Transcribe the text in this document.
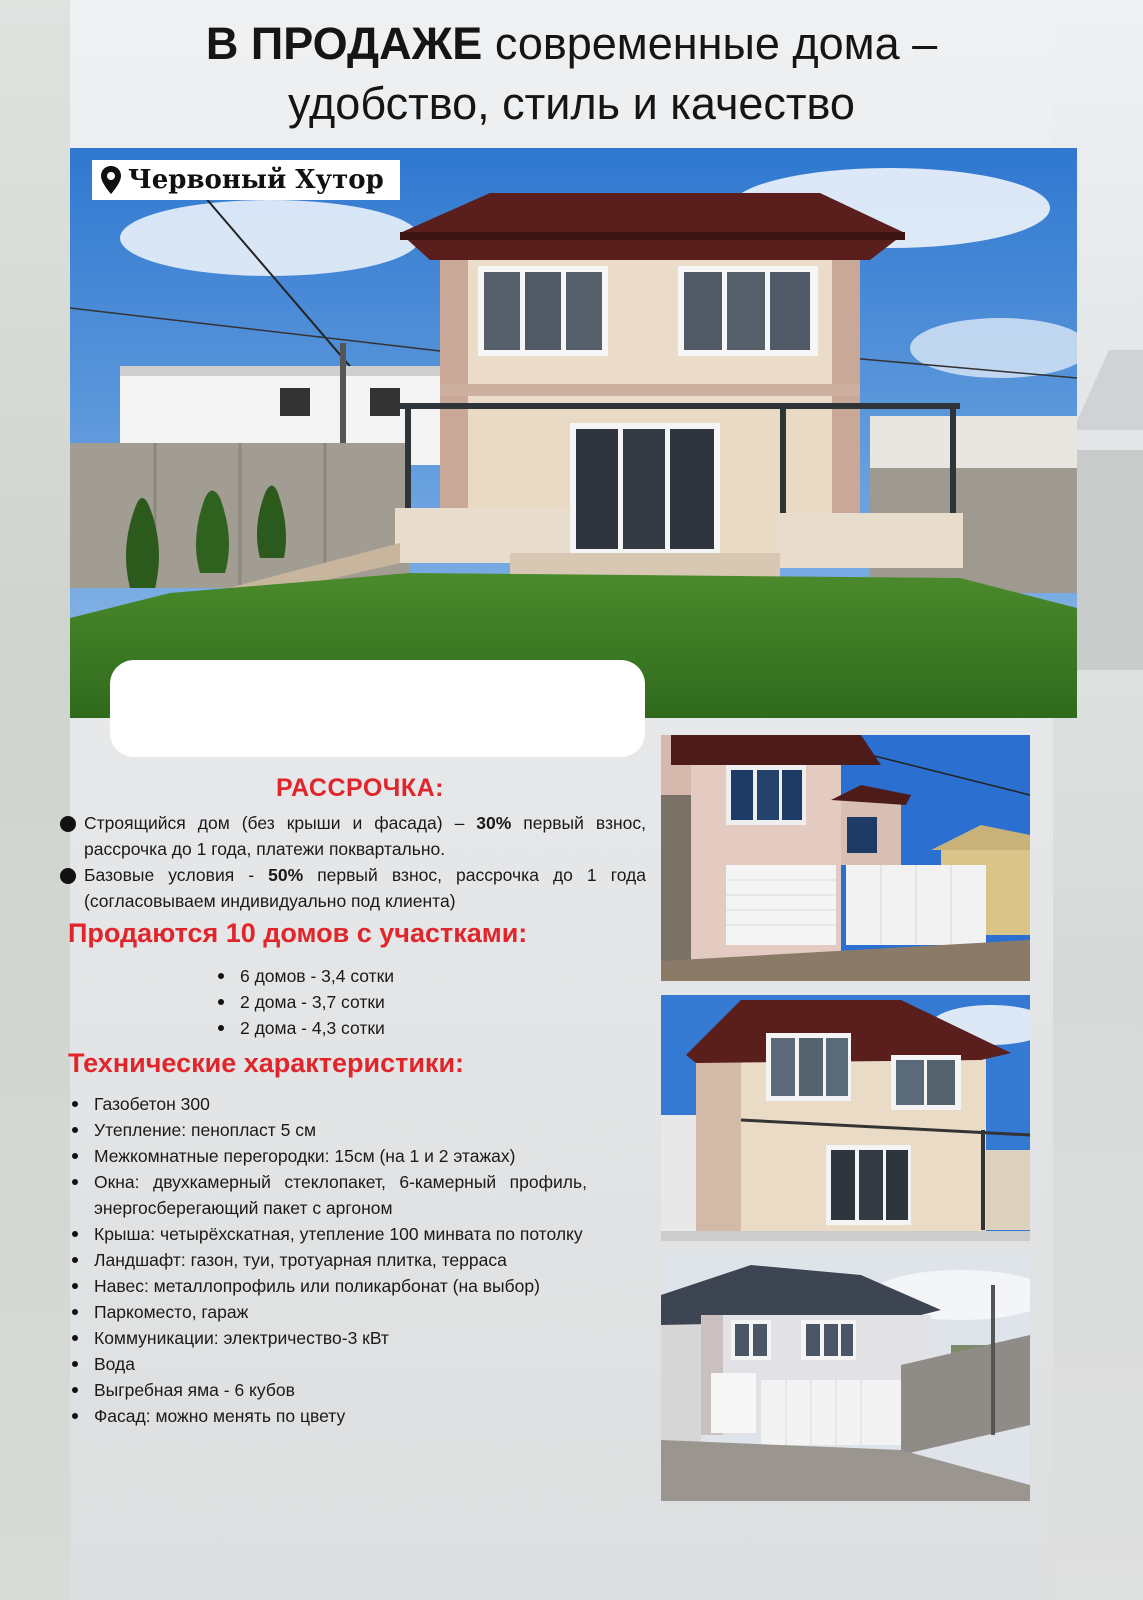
В ПРОДАЖЕ современные дома –
удобство, стиль и качество
Червоный Хутор
РАССРОЧКА:
Строящийся дом (без крыши и фасада) – 30% первый взнос, рассрочка до 1 года, платежи поквартально.
Базовые условия - 50% первый взнос, рассрочка до 1 года (согласовываем индивидуально под клиента)
Продаются 10 домов с участками:
6 домов - 3,4 сотки
2 дома - 3,7 сотки
2 дома - 4,3 сотки
Технические характеристики:
Газобетон 300
Утепление: пенопласт 5 см
Межкомнатные перегородки: 15см (на 1 и 2 этажах)
Окна: двухкамерный стеклопакет, 6-камерный профиль, энергосберегающий пакет с аргоном
Крыша: четырёхскатная, утепление 100 минвата по потолку
Ландшафт: газон, туи, тротуарная плитка, терраса
Навес: металлопрофиль или поликарбонат (на выбор)
Паркоместо, гараж
Коммуникации: электричество-3 кВт
Вода
Выгребная яма - 6 кубов
Фасад: можно менять по цвету
